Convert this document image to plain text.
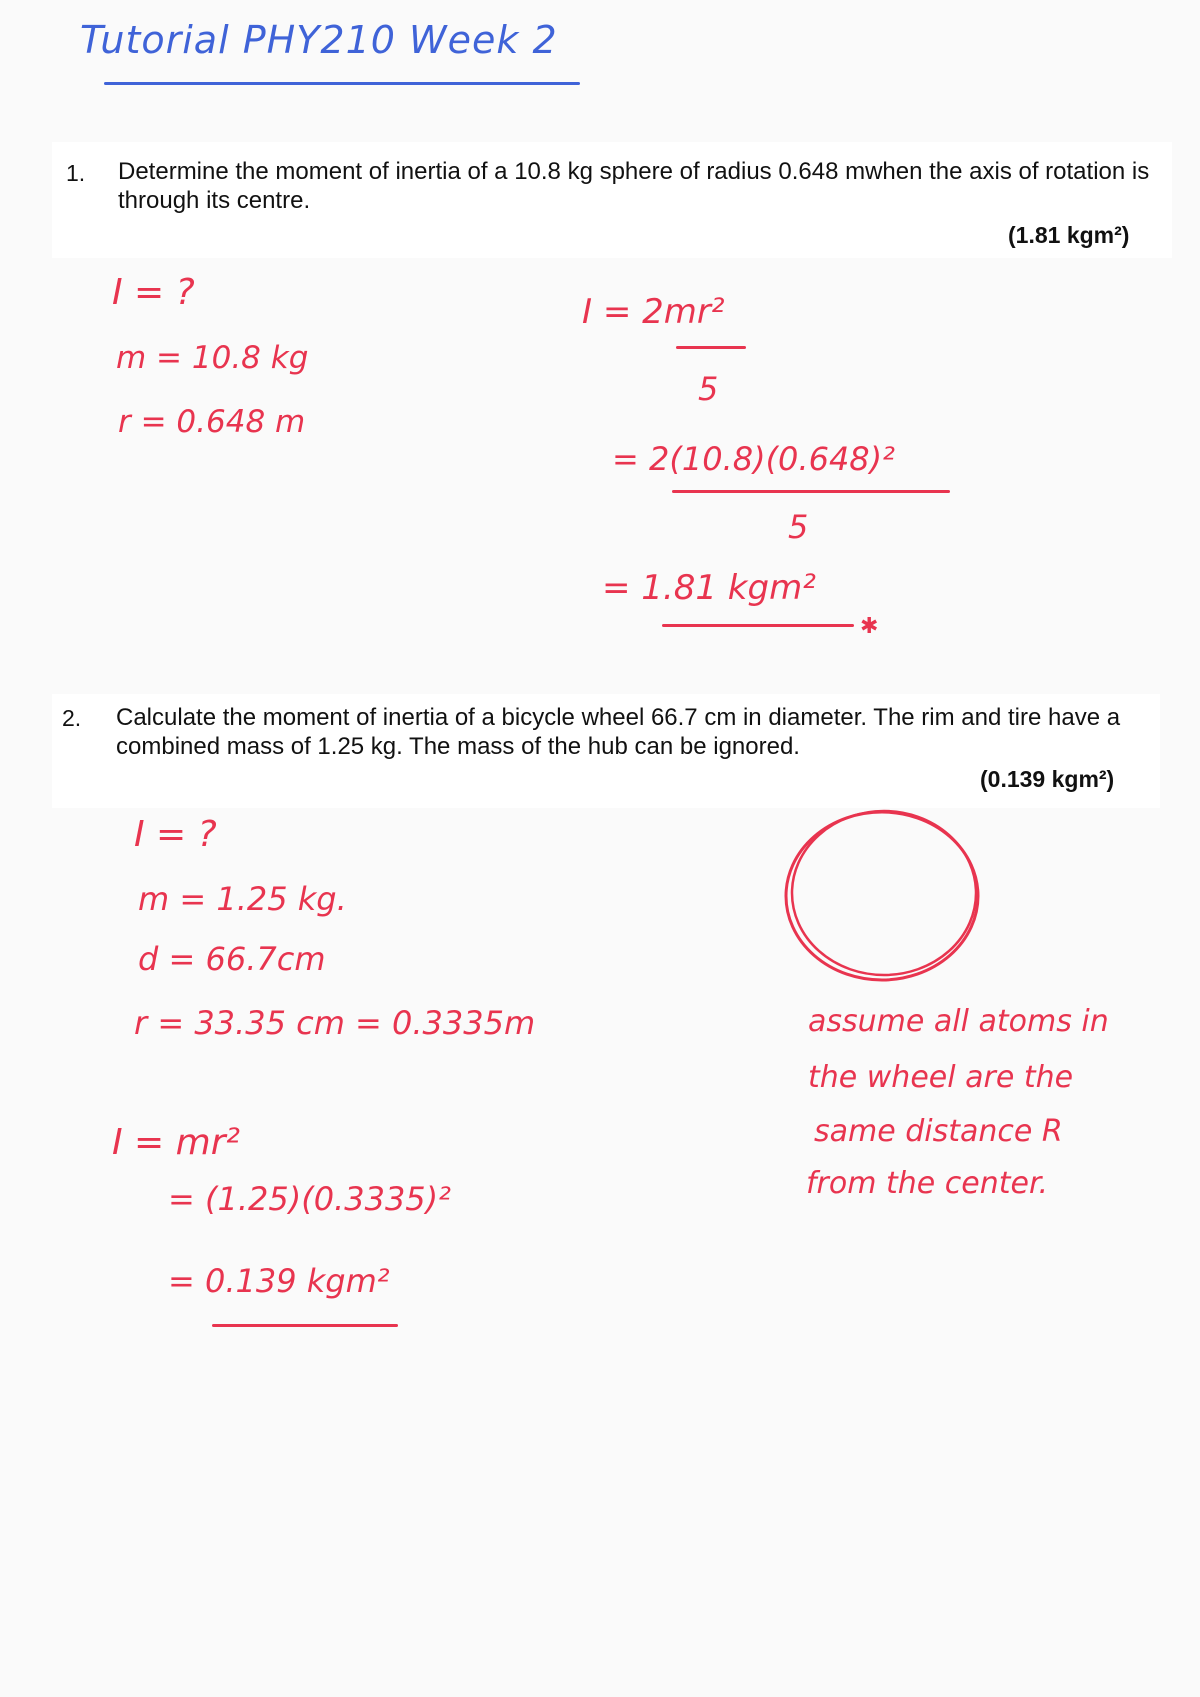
Tutorial PHY210 Week 2
1. Determine the moment of inertia of a 10.8 kg sphere of radius 0.648 mwhen the axis of rotation is through its centre.
(1.81 kgm²)
I = ?
m = 10.8 kg
r = 0.648 m
I = 2mr²
5
= 2(10.8)(0.648)²
5
= 1.81 kgm²
✱
2. Calculate the moment of inertia of a bicycle wheel 66.7 cm in diameter. The rim and tire have a combined mass of 1.25 kg. The mass of the hub can be ignored.
(0.139 kgm²)
I = ?
m = 1.25 kg.
d = 66.7cm
r = 33.35 cm = 0.3335m
I = mr²
= (1.25)(0.3335)²
= 0.139 kgm²
assume all atoms in
the wheel are the
same distance R
from the center.
